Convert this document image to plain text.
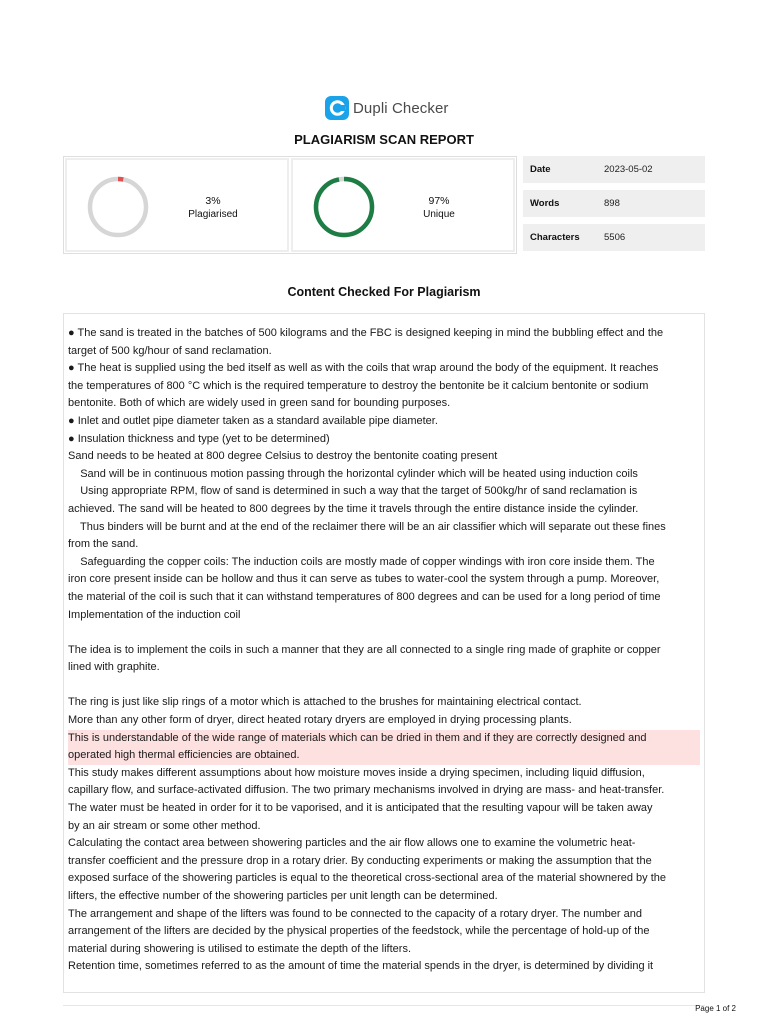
Dupli Checker
PLAGIARISM SCAN REPORT
3%
Plagiarised
97%
Unique
Date	2023-05-02
Words	898
Characters	5506
Content Checked For Plagiarism

● The sand is treated in the batches of 500 kilograms and the FBC is designed keeping in mind the bubbling effect and the

target of 500 kg/hour of sand reclamation.

● The heat is supplied using the bed itself as well as with the coils that wrap around the body of the equipment. It reaches

the temperatures of 800 °C which is the required temperature to destroy the bentonite be it calcium bentonite or sodium

bentonite. Both of which are widely used in green sand for bounding purposes.

● Inlet and outlet pipe diameter taken as a standard available pipe diameter.

● Insulation thickness and type (yet to be determined)

Sand needs to be heated at 800 degree Celsius to destroy the bentonite coating present

Sand will be in continuous motion passing through the horizontal cylinder which will be heated using induction coils

Using appropriate RPM, flow of sand is determined in such a way that the target of 500kg/hr of sand reclamation is

achieved. The sand will be heated to 800 degrees by the time it travels through the entire distance inside the cylinder.

Thus binders will be burnt and at the end of the reclaimer there will be an air classifier which will separate out these fines

from the sand.

Safeguarding the copper coils: The induction coils are mostly made of copper windings with iron core inside them. The

iron core present inside can be hollow and thus it can serve as tubes to water-cool the system through a pump. Moreover,

the material of the coil is such that it can withstand temperatures of 800 degrees and can be used for a long period of time

Implementation of the induction coil

The idea is to implement the coils in such a manner that they are all connected to a single ring made of graphite or copper

lined with graphite.

The ring is just like slip rings of a motor which is attached to the brushes for maintaining electrical contact.

More than any other form of dryer, direct heated rotary dryers are employed in drying processing plants.

This is understandable of the wide range of materials which can be dried in them and if they are correctly designed and

operated high thermal efficiencies are obtained.

This study makes different assumptions about how moisture moves inside a drying specimen, including liquid diffusion,

capillary flow, and surface-activated diffusion. The two primary mechanisms involved in drying are mass- and heat-transfer.

The water must be heated in order for it to be vaporised, and it is anticipated that the resulting vapour will be taken away

by an air stream or some other method.

Calculating the contact area between showering particles and the air flow allows one to examine the volumetric heat-

transfer coefficient and the pressure drop in a rotary drier. By conducting experiments or making the assumption that the

exposed surface of the showering particles is equal to the theoretical cross-sectional area of the material shownered by the

lifters, the effective number of the showering particles per unit length can be determined.

The arrangement and shape of the lifters was found to be connected to the capacity of a rotary dryer. The number and

arrangement of the lifters are decided by the physical properties of the feedstock, while the percentage of hold-up of the

material during showering is utilised to estimate the depth of the lifters.

Retention time, sometimes referred to as the amount of time the material spends in the dryer, is determined by dividing it

Page 1 of 2
